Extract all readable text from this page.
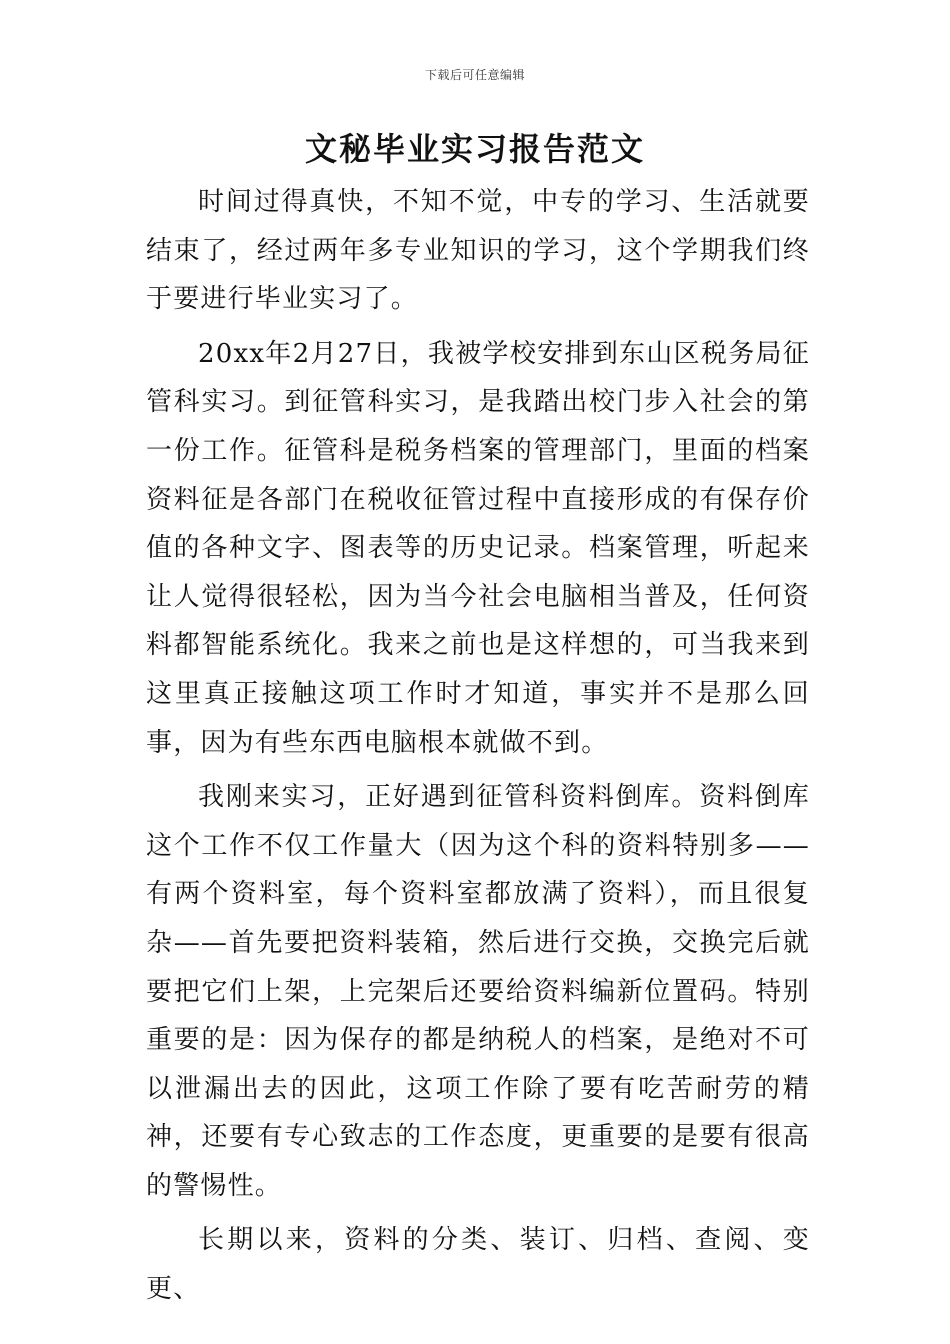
下载后可任意编辑
文秘毕业实习报告范文

时间过得真快，不知不觉，中专的学习、生活就要结束了，经过两年多专业知识的学习，这个学期我们终于要进行毕业实习了。

20xx年2月27日，我被学校安排到东山区税务局征管科实习。到征管科实习，是我踏出校门步入社会的第一份工作。征管科是税务档案的管理部门，里面的档案资料征是各部门在税收征管过程中直接形成的有保存价值的各种文字、图表等的历史记录。档案管理，听起来让人觉得很轻松，因为当今社会电脑相当普及，任何资料都智能系统化。我来之前也是这样想的，可当我来到这里真正接触这项工作时才知道，事实并不是那么回事，因为有些东西电脑根本就做不到。

我刚来实习，正好遇到征管科资料倒库。资料倒库这个工作不仅工作量大（因为这个科的资料特别多——有两个资料室，每个资料室都放满了资料），而且很复杂——首先要把资料装箱，然后进行交换，交换完后就要把它们上架，上完架后还要给资料编新位置码。特别重要的是：因为保存的都是纳税人的档案，是绝对不可以泄漏出去的因此，这项工作除了要有吃苦耐劳的精神，还要有专心致志的工作态度，更重要的是要有很高的警惕性。

长期以来，资料的分类、装订、归档、查阅、变更、
